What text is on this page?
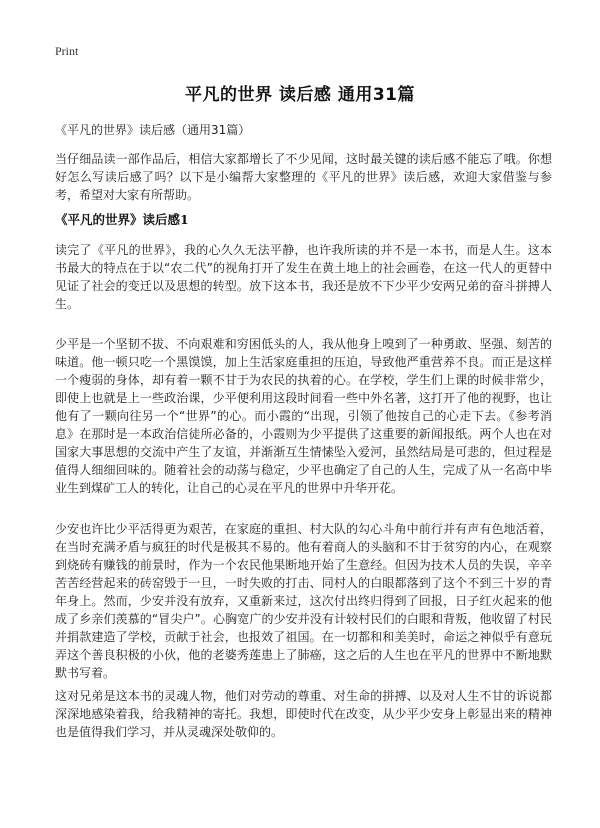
Print
平凡的世界 读后感 通用31篇
《平凡的世界》读后感（通用31篇）

当仔细品读一部作品后，相信大家都增长了不少见闻，这时最关键的读后感不能忘了哦。你想好怎么写读后感了吗？以下是小编帮大家整理的《平凡的世界》读后感，欢迎大家借鉴与参考，希望对大家有所帮助。

《平凡的世界》读后感1

读完了《平凡的世界》，我的心久久无法平静，也许我所读的并不是一本书，而是人生。这本书最大的特点在于以“农二代”的视角打开了发生在黄土地上的社会画卷，在这一代人的更替中见证了社会的变迁以及思想的转型。放下这本书，我还是放不下少平少安两兄弟的奋斗拼搏人生。

少平是一个坚韧不拔、不向艰难和穷困低头的人，我从他身上嗅到了一种勇敢、坚强、刻苦的味道。他一顿只吃一个黑馍馍，加上生活家庭重担的压迫，导致他严重营养不良。而正是这样一个瘦弱的身体，却有着一颗不甘于为农民的执着的心。在学校，学生们上课的时候非常少，即使上也就是上一些政治课，少平便利用这段时间看一些中外名著，这打开了他的视野，也让他有了一颗向往另一个“世界”的心。而小霞的“出现，引领了他按自己的心走下去。《参考消息》在那时是一本政治信徒所必备的，小霞则为少平提供了这重要的新闻报纸。两个人也在对国家大事思想的交流中产生了友谊，并渐渐互生情愫坠入爱河，虽然结局是可悲的，但过程是值得人细细回味的。随着社会的动荡与稳定，少平也确定了自己的人生，完成了从一名高中毕业生到煤矿工人的转化，让自己的心灵在平凡的世界中升华开花。

少安也许比少平活得更为艰苦，在家庭的重担、村大队的勾心斗角中前行并有声有色地活着，在当时充满矛盾与疯狂的时代是极其不易的。他有着商人的头脑和不甘于贫穷的内心，在观察到烧砖有赚钱的前景时，作为一个农民他果断地开始了生意经。但因为技术人员的失误，辛辛苦苦经营起来的砖窑毁于一旦，一时失败的打击、同村人的白眼都落到了这个不到三十岁的青年身上。然而，少安并没有放弃，又重新来过，这次付出终归得到了回报，日子红火起来的他成了乡亲们羡慕的“冒尖户”。心胸宽广的少安并没有计较村民们的白眼和背叛，他收留了村民并捐款建造了学校，贡献于社会，也报效了祖国。在一切都和和美美时，命运之神似乎有意玩弄这个善良积极的小伙，他的老婆秀莲患上了肺癌，这之后的人生也在平凡的世界中不断地默默书写着。

这对兄弟是这本书的灵魂人物，他们对劳动的尊重、对生命的拼搏、以及对人生不甘的诉说都深深地感染着我，给我精神的寄托。我想，即使时代在改变，从少平少安身上彰显出来的精神也是值得我们学习，并从灵魂深处敬仰的。
